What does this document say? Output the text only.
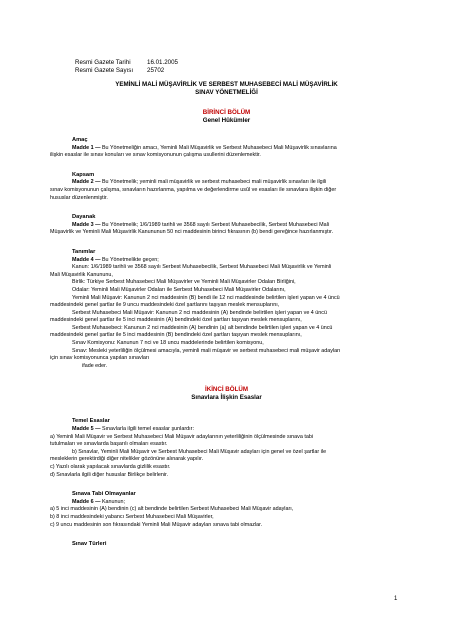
Resmi Gazete Tarihi	16.01.2005
Resmi Gazete Sayısı	25702

YEMİNLİ MALİ MÜŞAVİRLİK VE SERBEST MUHASEBECİ MALİ MÜŞAVİRLİK

SINAV YÖNETMELİĞİ

BİRİNCİ BÖLÜM

Genel Hükümler

Amaç

Madde 1 — Bu Yönetmeliğin amacı, Yeminli Mali Müşavirlik ve Serbest Muhasebeci Mali Müşavirlik sınavlarına

ilişkin esaslar ile sınav konuları ve sınav komisyonunun çalışma usullerini düzenlemektir.

Kapsam

Madde 2 — Bu Yönetmelik; yeminli mali müşavirlik ve serbest muhasebeci mali müşavirlik sınavları ile ilgili

sınav komisyonunun çalışma, sınavların hazırlanma, yapılma ve değerlendirme usûl ve esasları ile sınavlara ilişkin diğer

hususlar düzenlenmiştir.

Dayanak

Madde 3 — Bu Yönetmelik; 1/6/1989 tarihli ve 3568 sayılı Serbest Muhasebecilik, Serbest Muhasebeci Mali

Müşavirlik ve Yeminli Mali Müşavirlik Kanununun 50 nci maddesinin birinci fıkrasının (b) bendi gereğince hazırlanmıştır.

Tanımlar

Madde 4 — Bu Yönetmelikte geçen;

Kanun: 1/6/1989 tarihli ve 3568 sayılı Serbest Muhasebecilik, Serbest Muhasebeci Mali Müşavirlik ve Yeminli

Mali Müşavirlik Kanununu,

Birlik: Türkiye Serbest Muhasebeci Mali Müşavirler ve Yeminli Mali Müşavirler Odaları Birliğini,

Odalar: Yeminli Mali Müşavirler Odaları ile Serbest Muhasebeci Mali Müşavirler Odalarını,

Yeminli Mali Müşavir: Kanunun 2 nci maddesinin (B) bendi ile 12 nci maddesinde belirtilen işleri yapan ve 4 üncü

maddesindeki genel şartlar ile 9 uncu maddesindeki özel şartlarını taşıyan meslek mensuplarını,

Serbest Muhasebeci Mali Müşavir: Kanunun 2 nci maddesinin (A) bendinde belirtilen işleri yapan ve 4 üncü

maddesindeki genel şartlar ile 5 inci maddesinin (A) bendindeki özel şartları taşıyan meslek mensuplarını,

Serbest Muhasebeci: Kanunun 2 nci maddesinin (A) bendinin (a) alt bendinde belirtilen işleri yapan ve 4 üncü

maddesindeki genel şartlar ile 5 inci maddesinin (B) bendindeki özel şartları taşıyan meslek mensuplarını,

Sınav Komisyonu: Kanunun 7 nci ve 18 uncu maddelerinde belirtilen komisyonu,

Sınav: Mesleki yeterliliğin ölçülmesi amacıyla, yeminli mali müşavir ve serbest muhasebeci mali müşavir adayları

için sınav komisyonunca yapılan sınavları

ifade eder.

İKİNCİ BÖLÜM

Sınavlara İlişkin Esaslar

Temel Esaslar

Madde 5 — Sınavlarla ilgili temel esaslar şunlardır:

a) Yeminli Mali Müşavir ve Serbest Muhasebeci Mali Müşavir adaylarının yeterliliğinin ölçülmesinde sınava tabi

tutulmaları ve sınavlarda başarılı olmaları esastır.

b) Sınavlar, Yeminli Mali Müşavir ve Serbest Muhasebeci Mali Müşavir adayları için genel ve özel şartlar ile

mesleklerin gerektirdiği diğer nitelikler gözönüne alınarak yapılır.

c) Yazılı olarak yapılacak sınavlarda gizlilik esastır.

d) Sınavlarla ilgili diğer hususlar Birlikçe belirlenir.

Sınava Tabi Olmayanlar

Madde 6 — Kanunun;

a) 5 inci maddesinin (A) bendinin (c) alt bendinde belirtilen Serbest Muhasebeci Mali Müşavir adayları,

b) 8 inci maddesindeki yabancı Serbest Muhasebeci Mali Müşavirler,

c) 9 uncu maddesinin son fıkrasındaki Yeminli Mali Müşavir adayları sınava tabi olmazlar.

Sınav Türleri

1
